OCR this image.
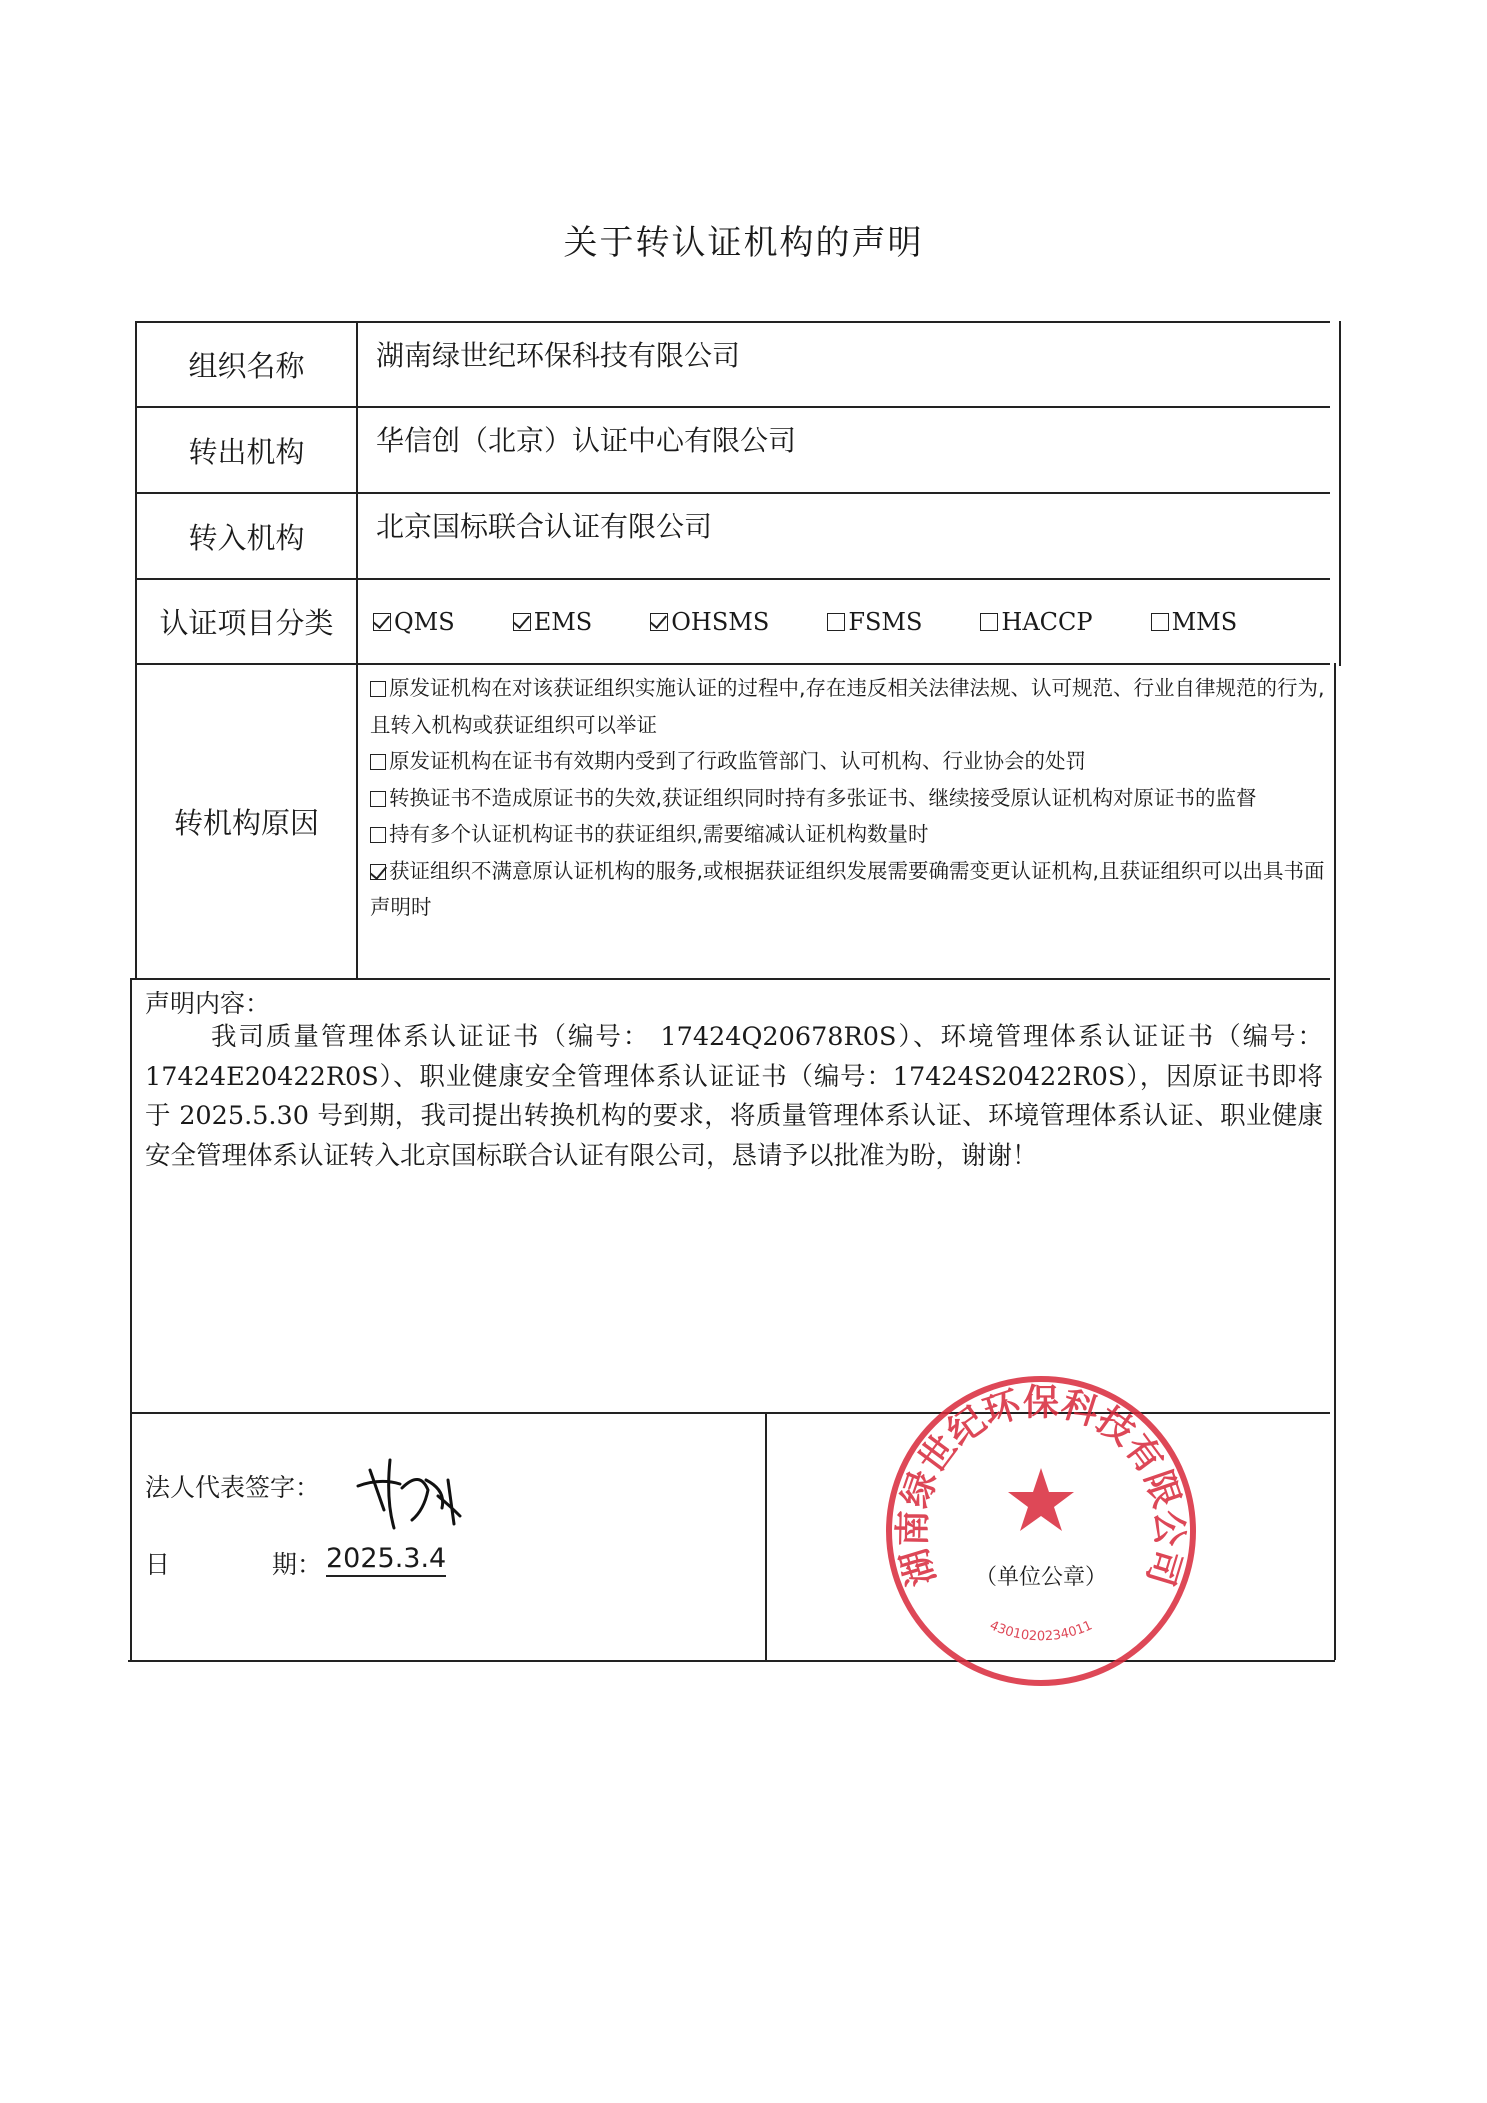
关于转认证机构的声明
组织名称	湖南绿世纪环保科技有限公司
转出机构	华信创（北京）认证中心有限公司
转入机构	北京国标联合认证有限公司
认证项目分类	QMS	EMS	OHSMS	FSMS	HACCP	MMS
转机构原因
原发证机构在对该获证组织实施认证的过程中,存在违反相关法律法规、认可规范、行业自律规范的行为,且转入机构或获证组织可以举证
原发证机构在证书有效期内受到了行政监管部门、认可机构、行业协会的处罚
转换证书不造成原证书的失效,获证组织同时持有多张证书、继续接受原认证机构对原证书的监督
持有多个认证机构证书的获证组织,需要缩减认证机构数量时
获证组织不满意原认证机构的服务,或根据获证组织发展需要确需变更认证机构,且获证组织可以出具书面声明时
声明内容：
我司质量管理体系认证证书（编号： 17424Q20678R0S）、环境管理体系认证证书（编号：17424E20422R0S）、职业健康安全管理体系认证证书（编号：17424S20422R0S），因原证书即将于 2025.5.30 号到期，我司提出转换机构的要求，将质量管理体系认证、环境管理体系认证、职业健康安全管理体系认证转入北京国标联合认证有限公司，恳请予以批准为盼，谢谢！
法人代表签字：
日	期： 2025.3.4	湖南绿世纪环保科技有限公司
（单位公章）
4301020234011
